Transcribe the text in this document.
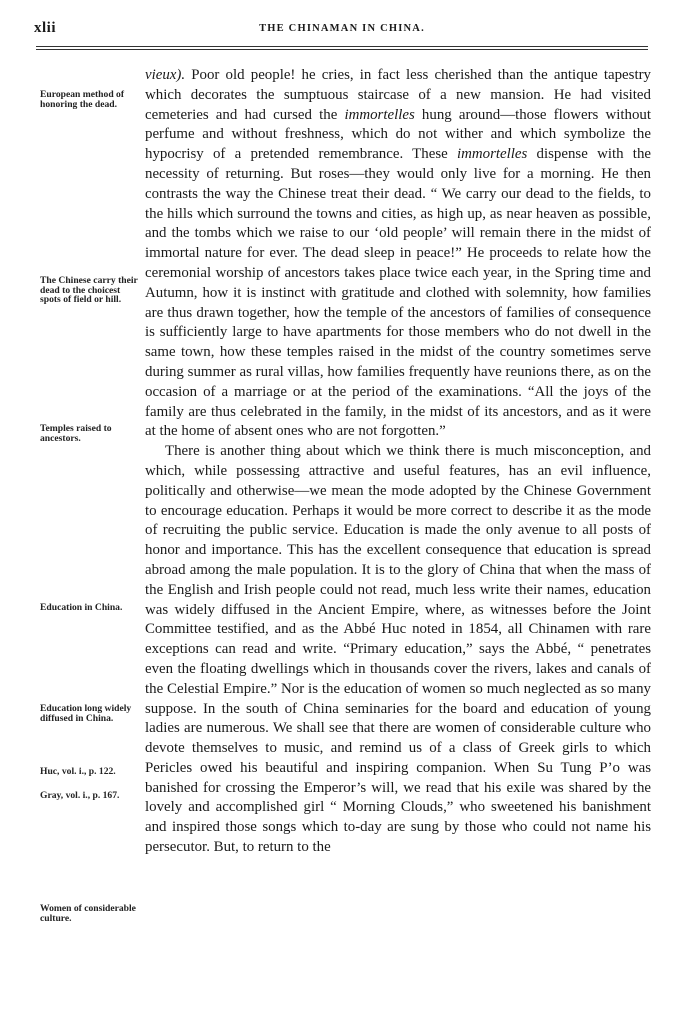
xlii	THE CHINAMAN IN CHINA.
European method of honoring the dead.
The Chinese carry their dead to the choicest spots of field or hill.
Temples raised to ancestors.
Education in China.
Education long widely diffused in China.
Huc, vol. i., p. 122.
Gray, vol. i., p. 167.
Women of considerable culture.

vieux). Poor old people! he cries, in fact less cherished than the antique tapestry which decorates the sumptuous staircase of a new mansion. He had visited cemeteries and had cursed the immortelles hung around—those flowers without perfume and without freshness, which do not wither and which symbolize the hypocrisy of a pretended remembrance. These immortelles dispense with the necessity of returning. But roses—they would only live for a morning. He then contrasts the way the Chinese treat their dead. “ We carry our dead to the fields, to the hills which surround the towns and cities, as high up, as near heaven as possible, and the tombs which we raise to our ‘old people’ will remain there in the midst of immortal nature for ever. The dead sleep in peace!” He proceeds to relate how the ceremonial worship of ancestors takes place twice each year, in the Spring time and Autumn, how it is instinct with gratitude and clothed with solemnity, how families are thus drawn together, how the temple of the ancestors of families of consequence is sufficiently large to have apartments for those members who do not dwell in the same town, how these temples raised in the midst of the country sometimes serve during summer as rural villas, how families frequently have reunions there, as on the occasion of a marriage or at the period of the examinations. “All the joys of the family are thus celebrated in the family, in the midst of its ancestors, and as it were at the home of absent ones who are not forgotten.”

There is another thing about which we think there is much misconception, and which, while possessing attractive and useful features, has an evil influence, politically and otherwise—we mean the mode adopted by the Chinese Government to encourage education. Perhaps it would be more correct to describe it as the mode of recruiting the public service. Education is made the only avenue to all posts of honor and importance. This has the excellent consequence that education is spread abroad among the male population. It is to the glory of China that when the mass of the English and Irish people could not read, much less write their names, education was widely diffused in the Ancient Empire, where, as witnesses before the Joint Committee testified, and as the Abbé Huc noted in 1854, all Chinamen with rare exceptions can read and write. “Primary education,” says the Abbé, “ penetrates even the floating dwellings which in thousands cover the rivers, lakes and canals of the Celestial Empire.” Nor is the education of women so much neglected as so many suppose. In the south of China seminaries for the board and education of young ladies are numerous. We shall see that there are women of considerable culture who devote themselves to music, and remind us of a class of Greek girls to which Pericles owed his beautiful and inspiring companion. When Su Tung P’o was banished for crossing the Emperor’s will, we read that his exile was shared by the lovely and accomplished girl “ Morning Clouds,” who sweetened his banishment and inspired those songs which to-day are sung by those who could not name his persecutor. But, to return to the
